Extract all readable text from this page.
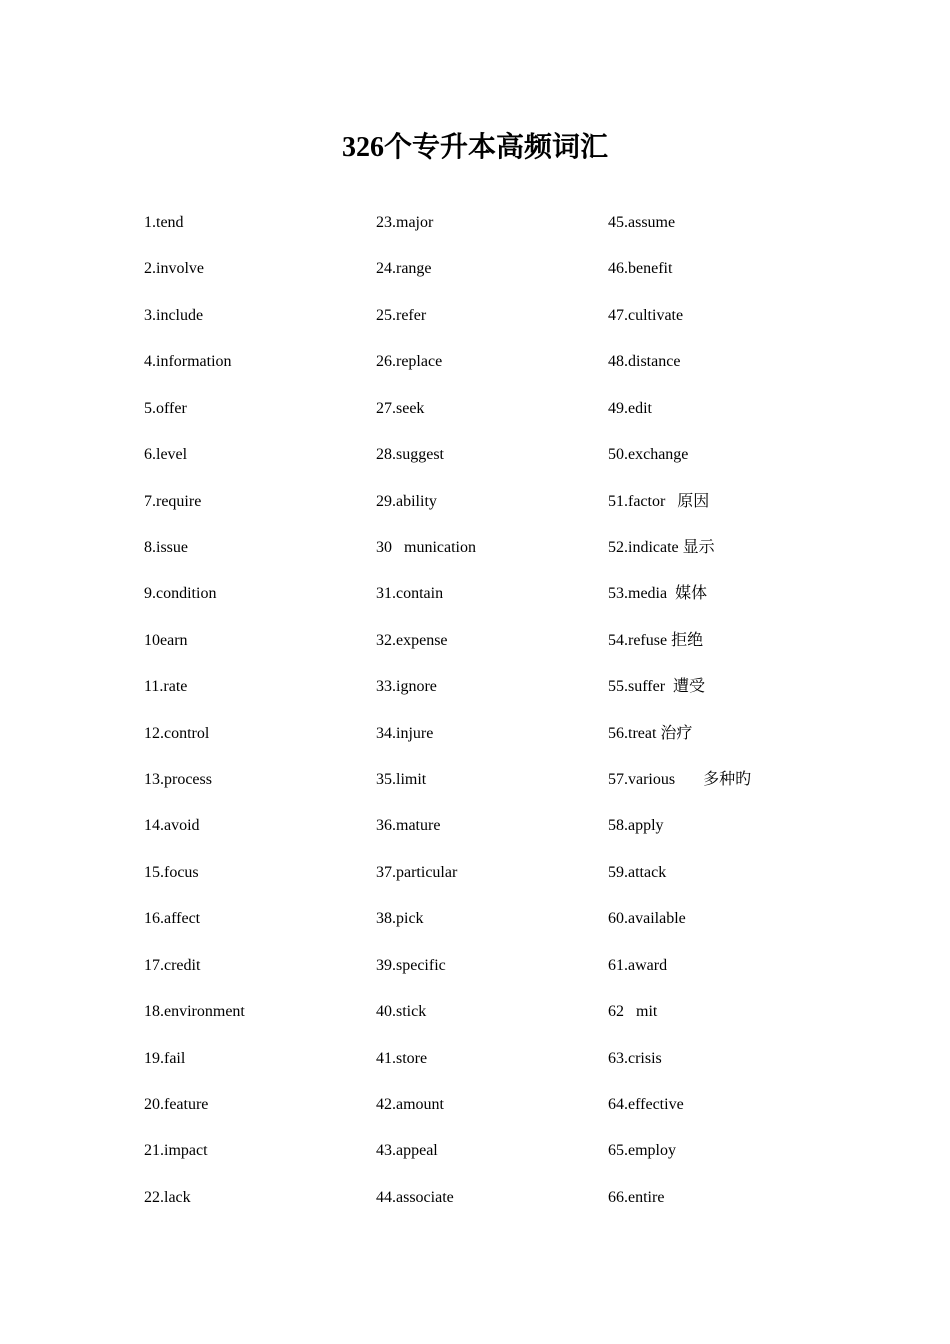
326个专升本高频词汇
1.tend	23.major	45.assume
2.involve	24.range	46.benefit
3.include	25.refer	47.cultivate
4.information	26.replace	48.distance
5.offer	27.seek	49.edit
6.level	28.suggest	50.exchange
7.require	29.ability	51.factor   原因
8.issue	30   munication	52.indicate 显示
9.condition	31.contain	53.media  媒体
10earn	32.expense	54.refuse 拒绝
11.rate	33.ignore	55.suffer  遭受
12.control	34.injure	56.treat 治疗
13.process	35.limit	57.various       多种旳
14.avoid	36.mature	58.apply
15.focus	37.particular	59.attack
16.affect	38.pick	60.available
17.credit	39.specific	61.award
18.environment	40.stick	62   mit
19.fail	41.store	63.crisis
20.feature	42.amount	64.effective
21.impact	43.appeal	65.employ
22.lack	44.associate	66.entire
